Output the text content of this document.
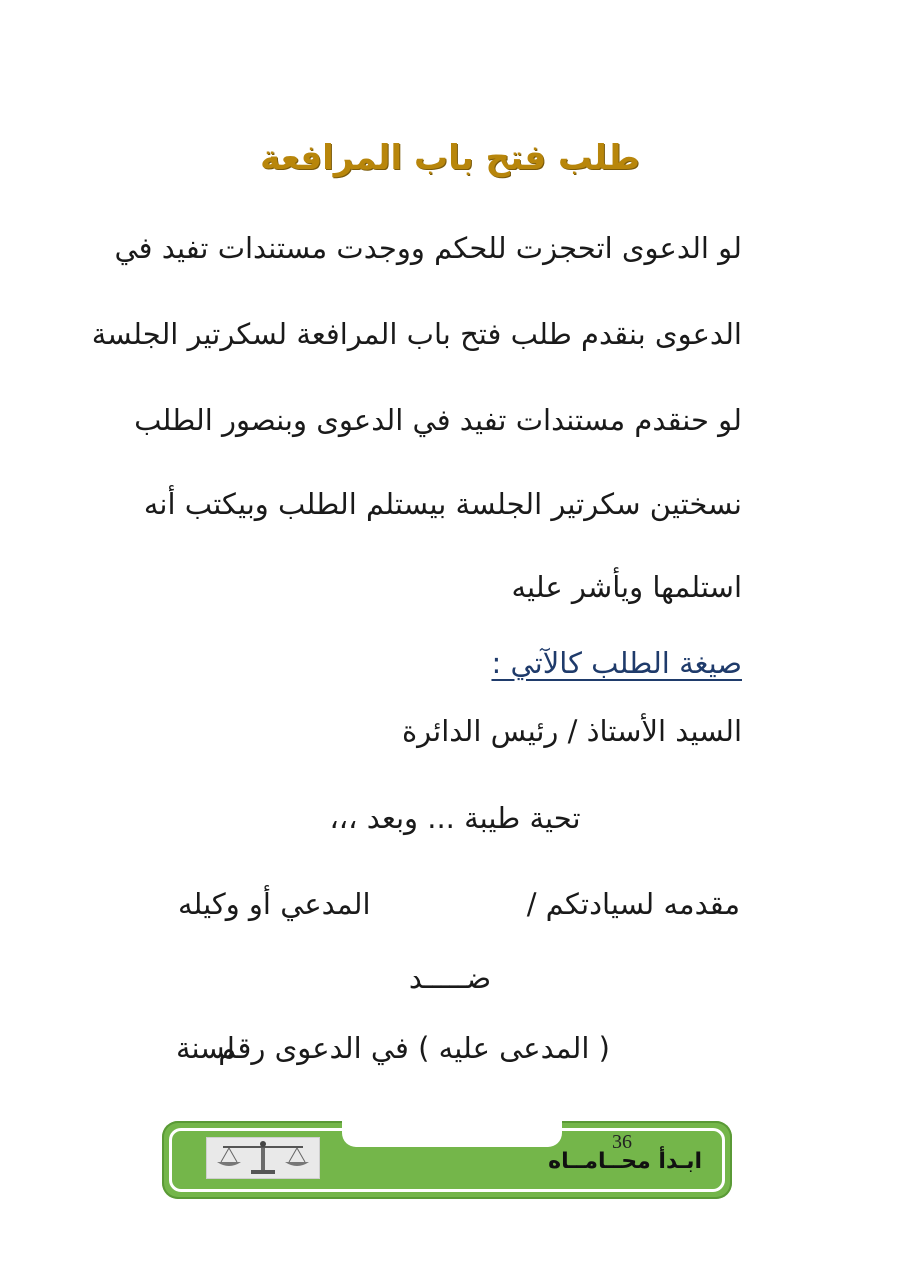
طلب فتح باب المرافعة
لو الدعوى اتحجزت للحكم ووجدت مستندات تفيد في
الدعوى بنقدم طلب فتح باب المرافعة لسكرتير الجلسة
لو حنقدم مستندات تفيد في الدعوى وبنصور الطلب
نسختين سكرتير الجلسة بيستلم الطلب وبيكتب أنه
استلمها ويأشر عليه
صيغة الطلب كالآتي :
السيد الأستاذ / رئيس الدائرة
تحية طيبة ... وبعد ،،،
مقدمه لسيادتكم /
المدعي أو وكيله
ضـــــد
( المدعى عليه ) في الدعوى رقم
لسنة
36
ابـدأ محــامــاه
